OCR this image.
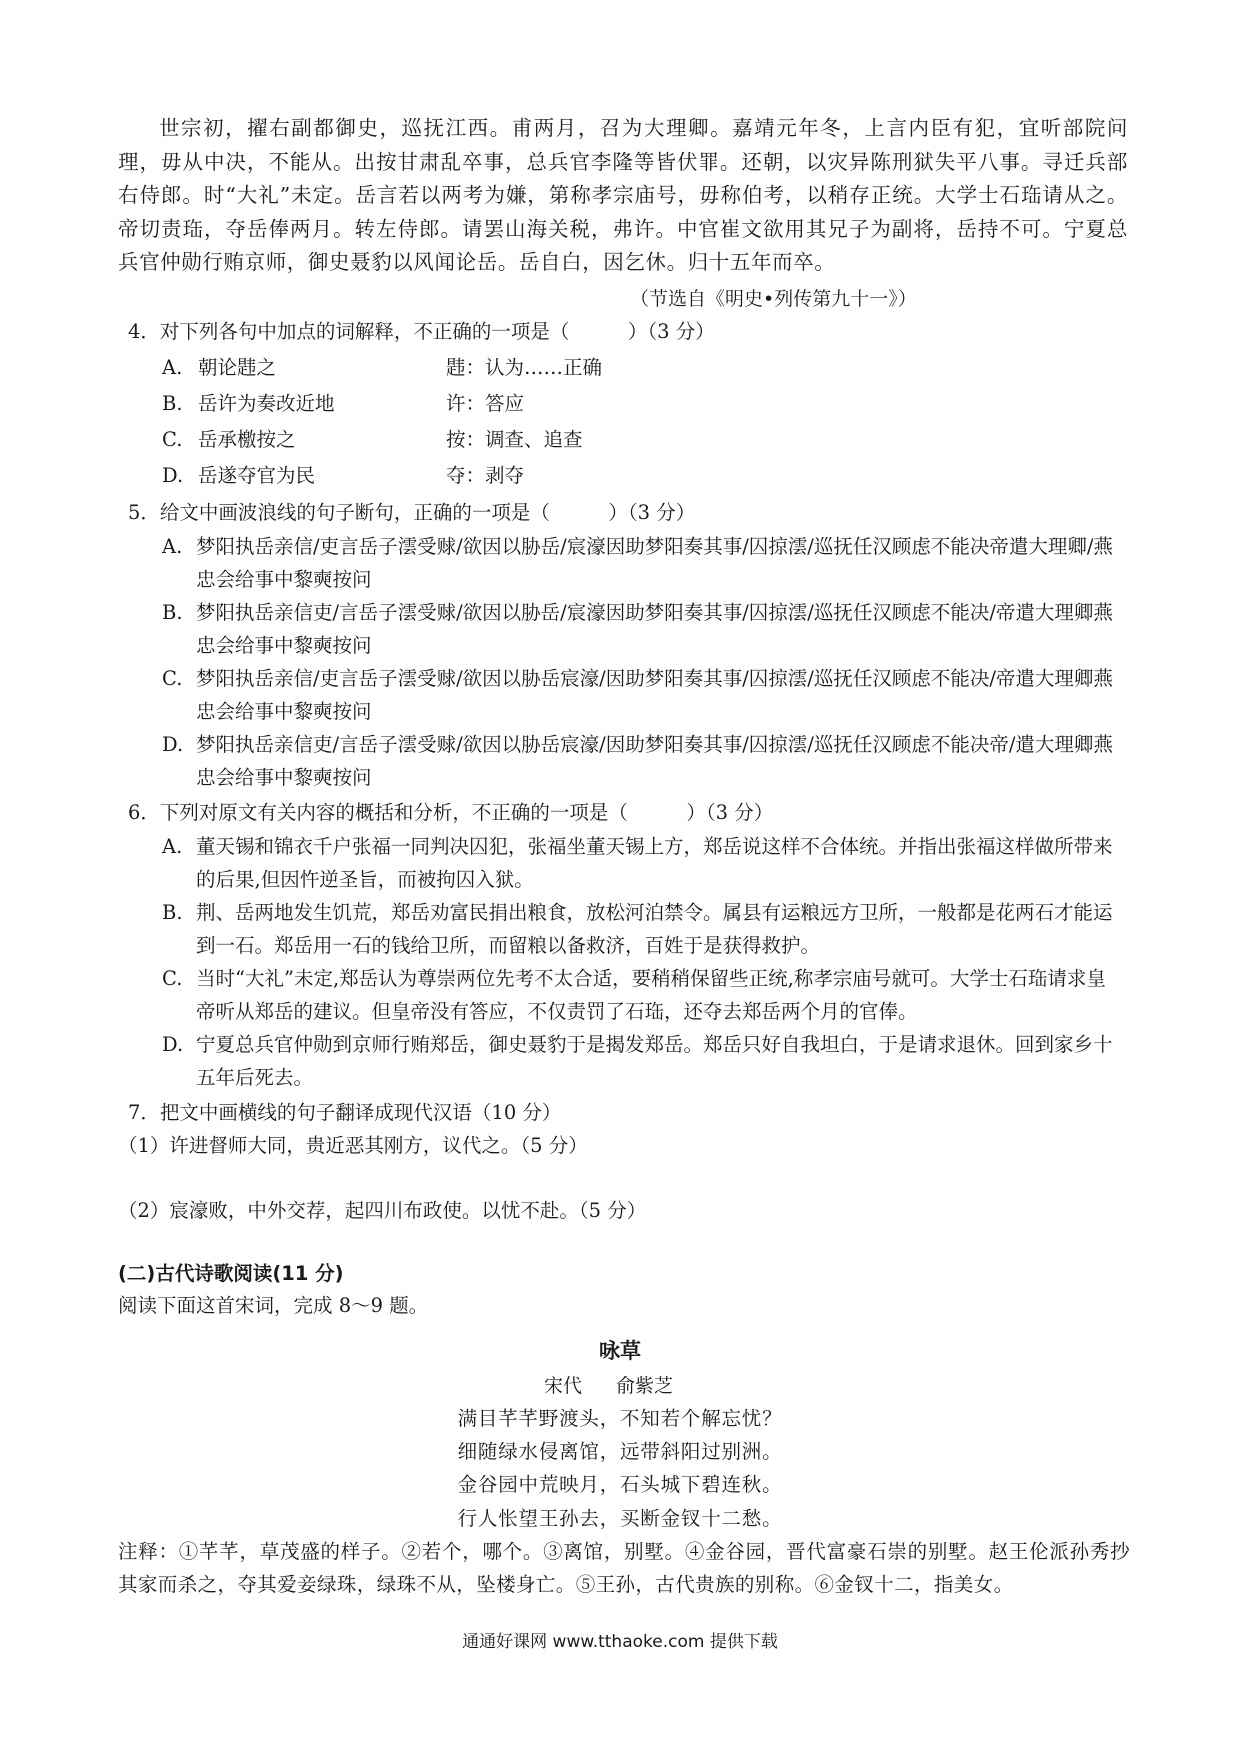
世宗初，擢右副都御史，巡抚江西。甫两月，召为大理卿。嘉靖元年冬，上言内臣有犯，宜听部院问理，毋从中决，不能从。出按甘肃乱卒事，总兵官李隆等皆伏罪。还朝，以灾异陈刑狱失平八事。寻迁兵部右侍郎。时“大礼”未定。岳言若以两考为嫌，第称孝宗庙号，毋称伯考，以稍存正统。大学士石珤请从之。帝切责珤，夺岳俸两月。转左侍郎。请罢山海关税，弗许。中官崔文欲用其兄子为副将，岳持不可。宁夏总兵官仲勋行贿京师，御史聂豹以风闻论岳。岳自白，因乞休。归十五年而卒。

（节选自《明史•列传第九十一》）
4．对下列各句中加点的词解释，不正确的一项是（　　　）（3 分）
A. 朝论韪之	韪：认为……正确
B. 岳许为奏改近地	许：答应
C. 岳承檄按之	按：调查、追查
D. 岳遂夺官为民	夺：剥夺
5．给文中画波浪线的句子断句，正确的一项是（　　　）（3 分）
A. 梦阳执岳亲信/吏言岳子澐受赇/欲因以胁岳/宸濠因助梦阳奏其事/囚掠澐/巡抚任汉顾虑不能决帝遣大理卿/燕忠会给事中黎奭按问
B. 梦阳执岳亲信吏/言岳子澐受赇/欲因以胁岳/宸濠因助梦阳奏其事/囚掠澐/巡抚任汉顾虑不能决/帝遣大理卿燕忠会给事中黎奭按问
C. 梦阳执岳亲信/吏言岳子澐受赇/欲因以胁岳宸濠/因助梦阳奏其事/囚掠澐/巡抚任汉顾虑不能决/帝遣大理卿燕忠会给事中黎奭按问
D. 梦阳执岳亲信吏/言岳子澐受赇/欲因以胁岳宸濠/因助梦阳奏其事/囚掠澐/巡抚任汉顾虑不能决帝/遣大理卿燕忠会给事中黎奭按问
6．下列对原文有关内容的概括和分析，不正确的一项是（　　　）（3 分）
A. 董天锡和锦衣千户张福一同判决囚犯，张福坐董天锡上方，郑岳说这样不合体统。并指出张福这样做所带来的后果,但因忤逆圣旨，而被拘囚入狱。
B. 荆、岳两地发生饥荒，郑岳劝富民捐出粮食，放松河泊禁令。属县有运粮远方卫所，一般都是花两石才能运到一石。郑岳用一石的钱给卫所，而留粮以备救济，百姓于是获得救护。
C. 当时“大礼”未定,郑岳认为尊崇两位先考不太合适，要稍稍保留些正统,称孝宗庙号就可。大学士石珤请求皇帝听从郑岳的建议。但皇帝没有答应，不仅责罚了石珤，还夺去郑岳两个月的官俸。
D. 宁夏总兵官仲勋到京师行贿郑岳，御史聂豹于是揭发郑岳。郑岳只好自我坦白，于是请求退休。回到家乡十五年后死去。
7．把文中画横线的句子翻译成现代汉语（10 分）
（1）许进督师大同，贵近恶其刚方，议代之。（5 分）
（2）宸濠败，中外交荐，起四川布政使。以忧不赴。（5 分）
(二)古代诗歌阅读(11 分)
阅读下面这首宋词，完成 8～9 题。
咏草
宋代 俞紫芝
满目芊芊野渡头，不知若个解忘忧？
细随绿水侵离馆，远带斜阳过别洲。
金谷园中荒映月，石头城下碧连秋。
行人怅望王孙去，买断金钗十二愁。
注释：①芊芊，草茂盛的样子。②若个，哪个。③离馆，别墅。④金谷园，晋代富豪石崇的别墅。赵王伦派孙秀抄其家而杀之，夺其爱妾绿珠，绿珠不从，坠楼身亡。⑤王孙，古代贵族的别称。⑥金钗十二，指美女。
通通好课网 www.tthaoke.com 提供下载
